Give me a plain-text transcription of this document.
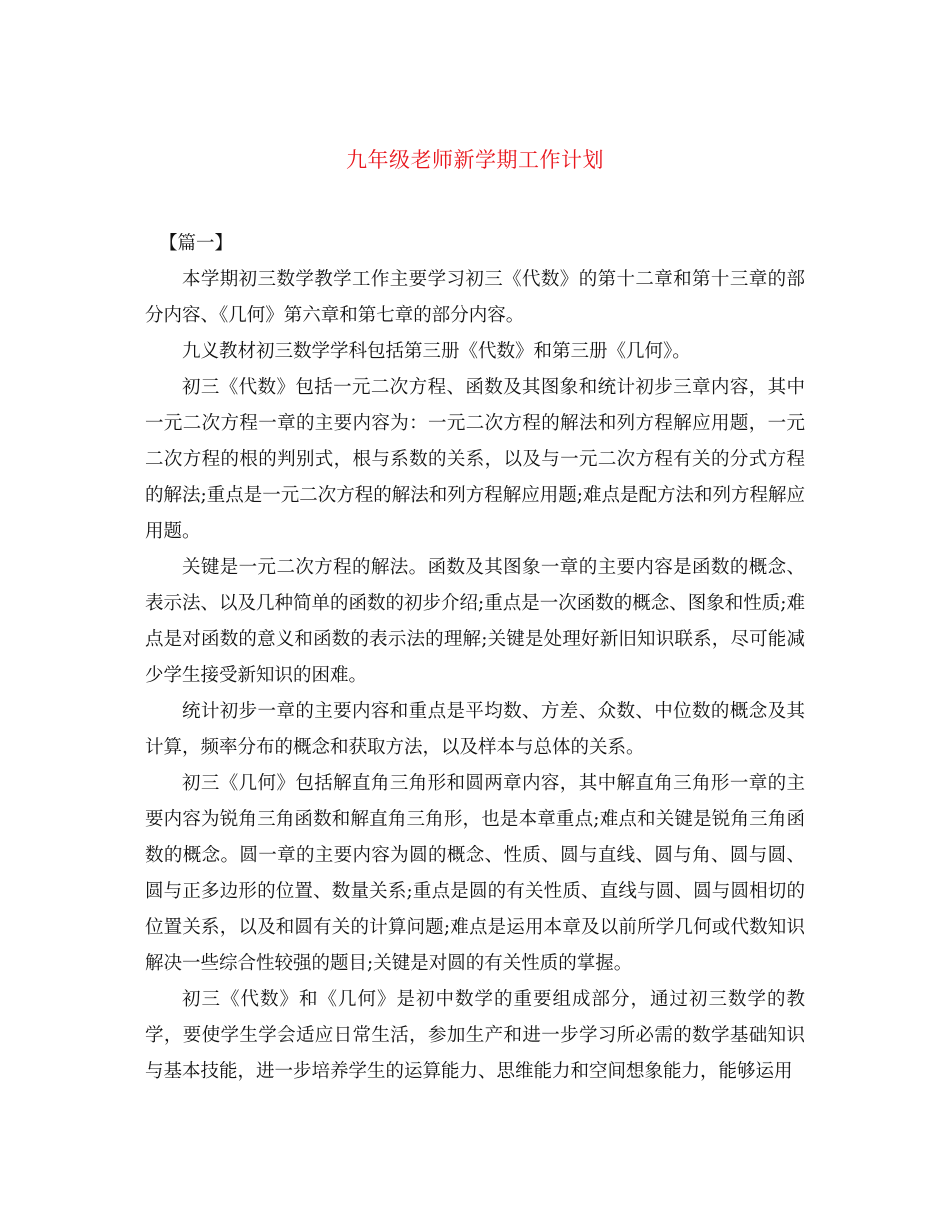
九年级老师新学期工作计划

【篇一】

本学期初三数学教学工作主要学习初三《代数》的第十二章和第十三章的部分内容、《几何》第六章和第七章的部分内容。

九义教材初三数学学科包括第三册《代数》和第三册《几何》。

初三《代数》包括一元二次方程、函数及其图象和统计初步三章内容，其中一元二次方程一章的主要内容为：一元二次方程的解法和列方程解应用题，一元二次方程的根的判别式，根与系数的关系，以及与一元二次方程有关的分式方程的解法;重点是一元二次方程的解法和列方程解应用题;难点是配方法和列方程解应用题。

关键是一元二次方程的解法。函数及其图象一章的主要内容是函数的概念、表示法、以及几种简单的函数的初步介绍;重点是一次函数的概念、图象和性质;难点是对函数的意义和函数的表示法的理解;关键是处理好新旧知识联系，尽可能减少学生接受新知识的困难。

统计初步一章的主要内容和重点是平均数、方差、众数、中位数的概念及其计算，频率分布的概念和获取方法，以及样本与总体的关系。

初三《几何》包括解直角三角形和圆两章内容，其中解直角三角形一章的主要内容为锐角三角函数和解直角三角形，也是本章重点;难点和关键是锐角三角函数的概念。圆一章的主要内容为圆的概念、性质、圆与直线、圆与角、圆与圆、圆与正多边形的位置、数量关系;重点是圆的有关性质、直线与圆、圆与圆相切的位置关系，以及和圆有关的计算问题;难点是运用本章及以前所学几何或代数知识解决一些综合性较强的题目;关键是对圆的有关性质的掌握。

初三《代数》和《几何》是初中数学的重要组成部分，通过初三数学的教学，要使学生学会适应日常生活，参加生产和进一步学习所必需的数学基础知识与基本技能，进一步培养学生的运算能力、思维能力和空间想象能力，能够运用
